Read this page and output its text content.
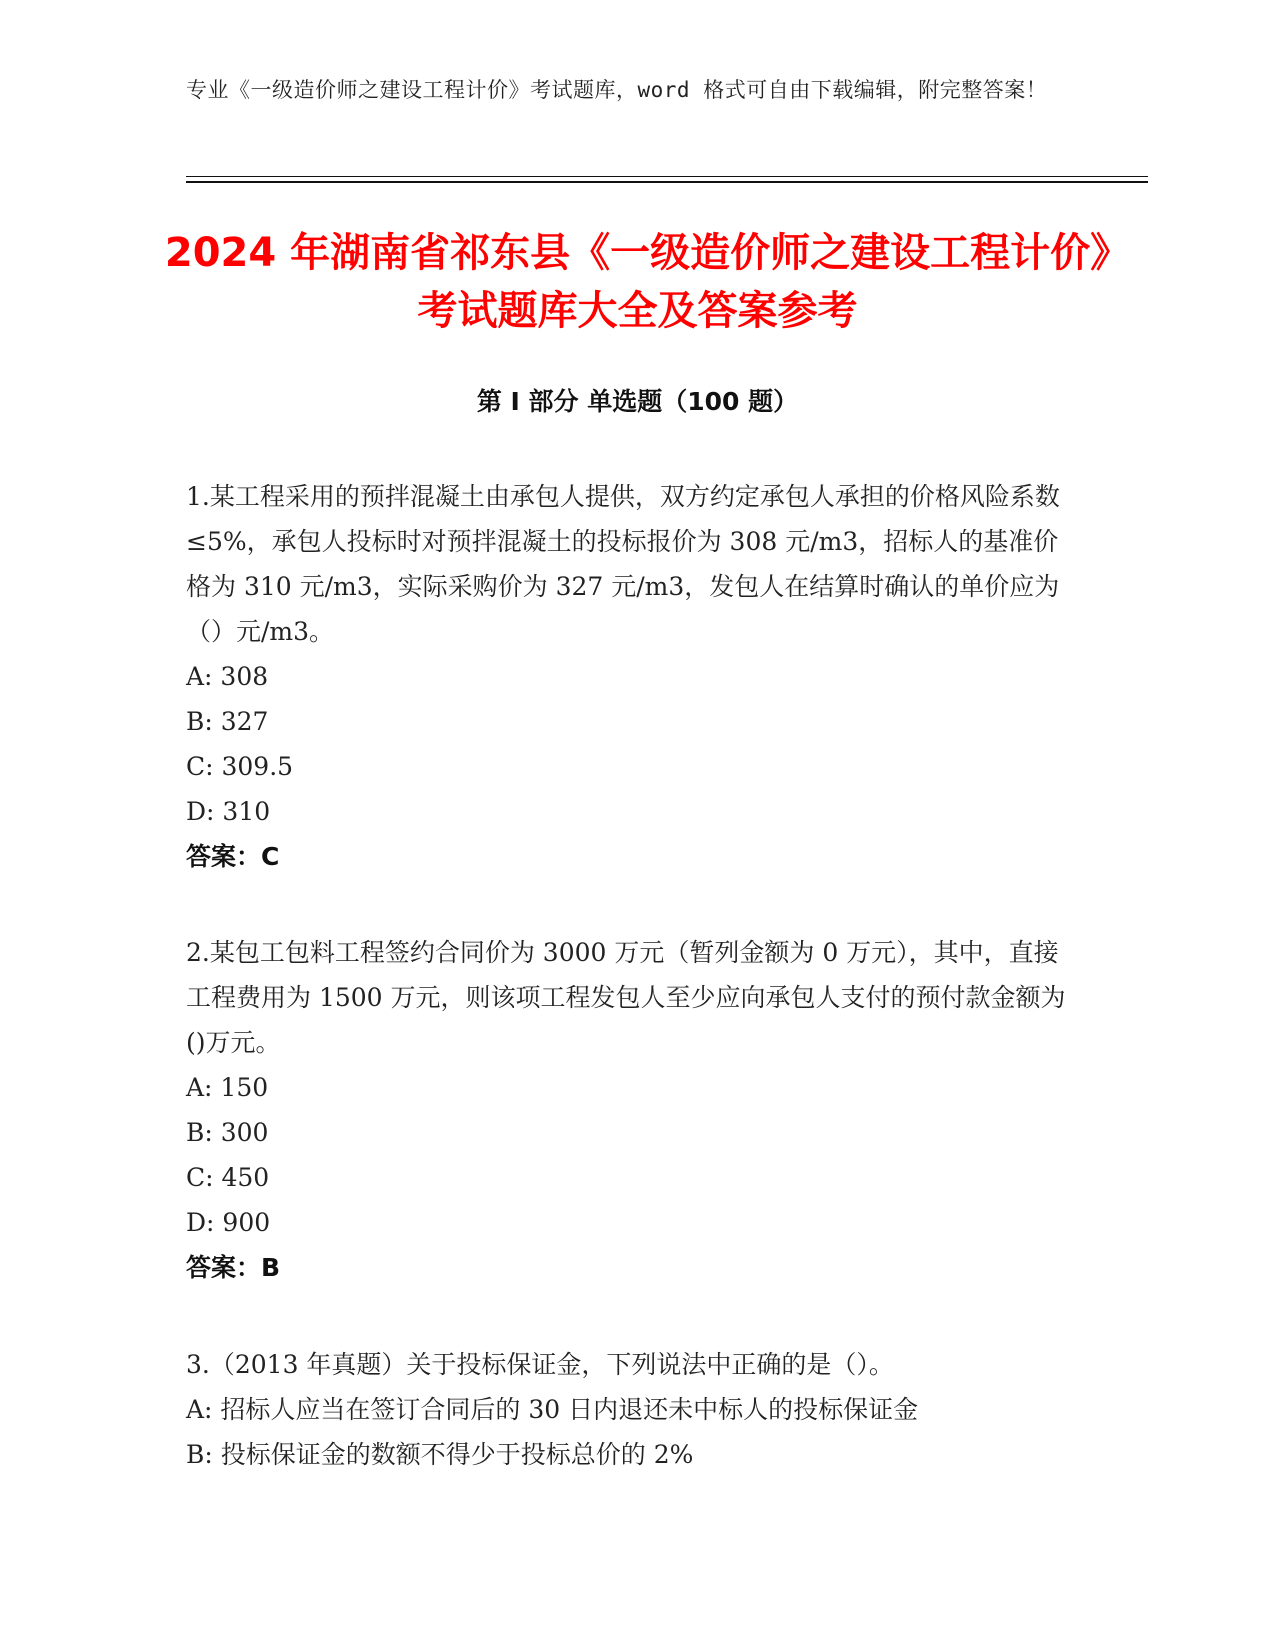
专业《一级造价师之建设工程计价》考试题库，word 格式可自由下载编辑，附完整答案！
2024 年湖南省祁东县《一级造价师之建设工程计价》考试题库大全及答案参考
第 I 部分 单选题（100 题）

1.某工程采用的预拌混凝土由承包人提供，双方约定承包人承担的价格风险系数≤5%，承包人投标时对预拌混凝土的投标报价为 308 元/m3，招标人的基准价格为 310 元/m3，实际采购价为 327 元/m3，发包人在结算时确认的单价应为（）元/m3。

A: 308

B: 327

C: 309.5

D: 310

答案：C

2.某包工包料工程签约合同价为 3000 万元（暂列金额为 0 万元），其中，直接工程费用为 1500 万元，则该项工程发包人至少应向承包人支付的预付款金额为()万元。

A: 150

B: 300

C: 450

D: 900

答案：B

3.（2013 年真题）关于投标保证金，下列说法中正确的是（）。

A: 招标人应当在签订合同后的 30 日内退还未中标人的投标保证金

B: 投标保证金的数额不得少于投标总价的 2%
